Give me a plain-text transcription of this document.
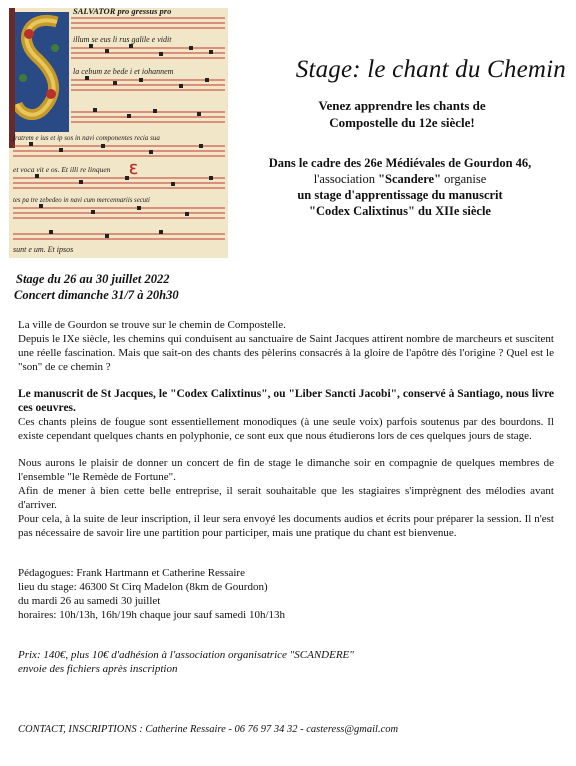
SALVATOR pro gressus pro
illum se eus li rus galile e vidit
la cebum ze bede i et iohannem
fratrem e ius et ip sos in navi componentes recia sua
et voca vit e os. Et illi re linquen
tes pa tre zebedeo in navi cum mercennariis secuti
sunt e um. Et ipsos
ℇ
Stage: le chant du Chemin
Venez apprendre les chants de
Compostelle du 12e siècle!
Dans le cadre des 26e Médiévales de Gourdon 46,
l'association "Scandere" organise
un stage d'apprentissage du manuscrit
"Codex Calixtinus" du XIIe siècle
Stage du 26 au 30 juillet 2022
Concert dimanche 31/7 à 20h30

La ville de Gourdon se trouve sur le chemin de Compostelle.

Depuis le IXe siècle, les chemins qui conduisent au sanctuaire de Saint Jacques attirent nombre de marcheurs et suscitent une réelle fascination. Mais que sait-on des chants des pèlerins consacrés à la gloire de l'apôtre dès l'origine ? Quel est le "son" de ce chemin ?

Le manuscrit de St Jacques, le "Codex Calixtinus", ou "Liber Sancti Jacobi", conservé à Santiago, nous livre ces oeuvres.

Ces chants pleins de fougue sont essentiellement monodiques (à une seule voix) parfois soutenus par des bourdons. Il existe cependant quelques chants en polyphonie, ce sont eux que nous étudierons lors de ces quelques jours de stage.

Nous aurons le plaisir de donner un concert de fin de stage le dimanche soir en compagnie de quelques membres de l'ensemble "le Remède de Fortune".

Afin de mener à bien cette belle entreprise, il serait souhaitable que les stagiaires s'imprègnent des mélodies avant d'arriver.

Pour cela, à la suite de leur inscription, il leur sera envoyé les documents audios et écrits pour préparer la session. Il n'est pas nécessaire de savoir lire une partition pour participer, mais une pratique du chant est bienvenue.

Pédagogues: Frank Hartmann et Catherine Ressaire

lieu du stage: 46300 St Cirq Madelon (8km de Gourdon)

du mardi 26 au samedi 30 juillet

horaires: 10h/13h, 16h/19h chaque jour sauf samedi 10h/13h

Prix: 140€, plus 10€ d'adhésion à l'association organisatrice "SCANDERE"

envoie des fichiers après inscription

CONTACT, INSCRIPTIONS : Catherine Ressaire - 06 76 97 34 32 - casteress@gmail.com
